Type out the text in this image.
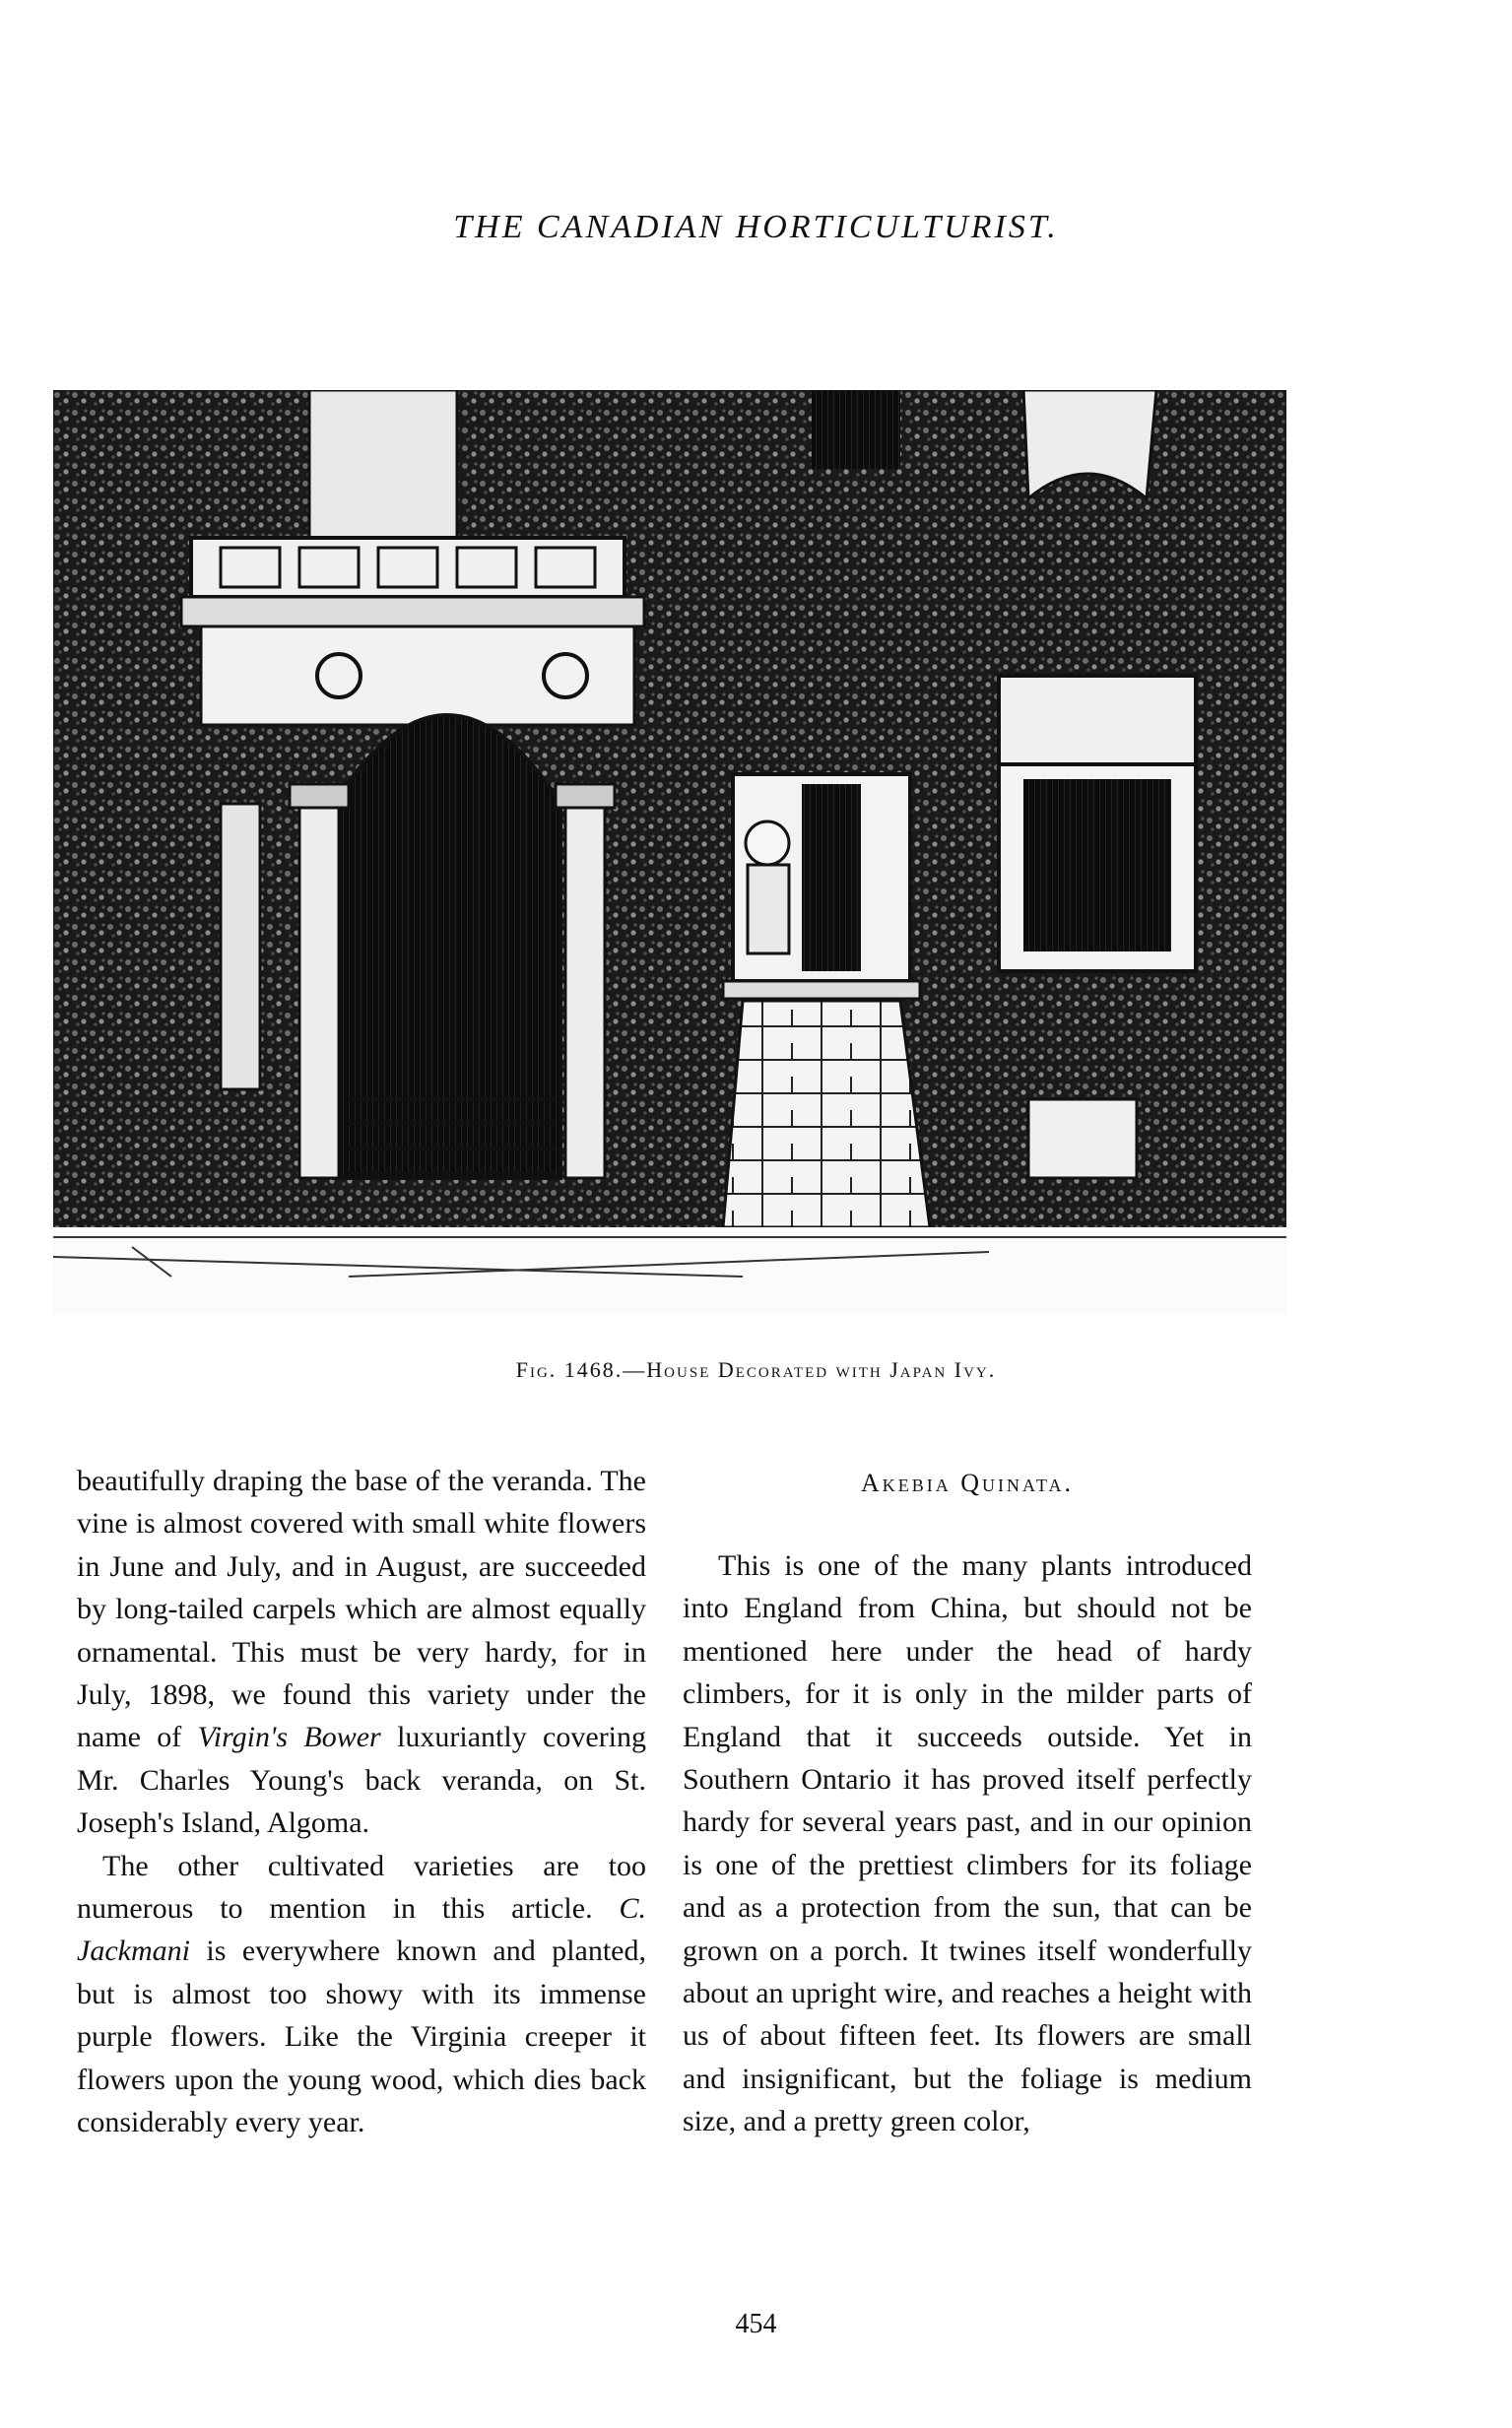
THE CANADIAN HORTICULTURIST.
Fig. 1468.—House Decorated with Japan Ivy.

beautifully draping the base of the veranda. The vine is almost covered with small white flowers in June and July, and in August, are succeeded by long-tailed carpels which are almost equally ornamental. This must be very hardy, for in July, 1898, we found this variety under the name of Virgin's Bower luxuriantly covering Mr. Charles Young's back veranda, on St. Joseph's Island, Algoma.

The other cultivated varieties are too numerous to mention in this article. C. Jackmani is everywhere known and planted, but is almost too showy with its immense purple flowers. Like the Virginia creeper it flowers upon the young wood, which dies back considerably every year.

Akebia Quinata.

This is one of the many plants introduced into England from China, but should not be mentioned here under the head of hardy climbers, for it is only in the milder parts of England that it succeeds outside. Yet in Southern Ontario it has proved itself perfectly hardy for several years past, and in our opinion is one of the prettiest climbers for its foliage and as a protection from the sun, that can be grown on a porch. It twines itself wonderfully about an upright wire, and reaches a height with us of about fifteen feet. Its flowers are small and insignificant, but the foliage is medium size, and a pretty green color,

454
